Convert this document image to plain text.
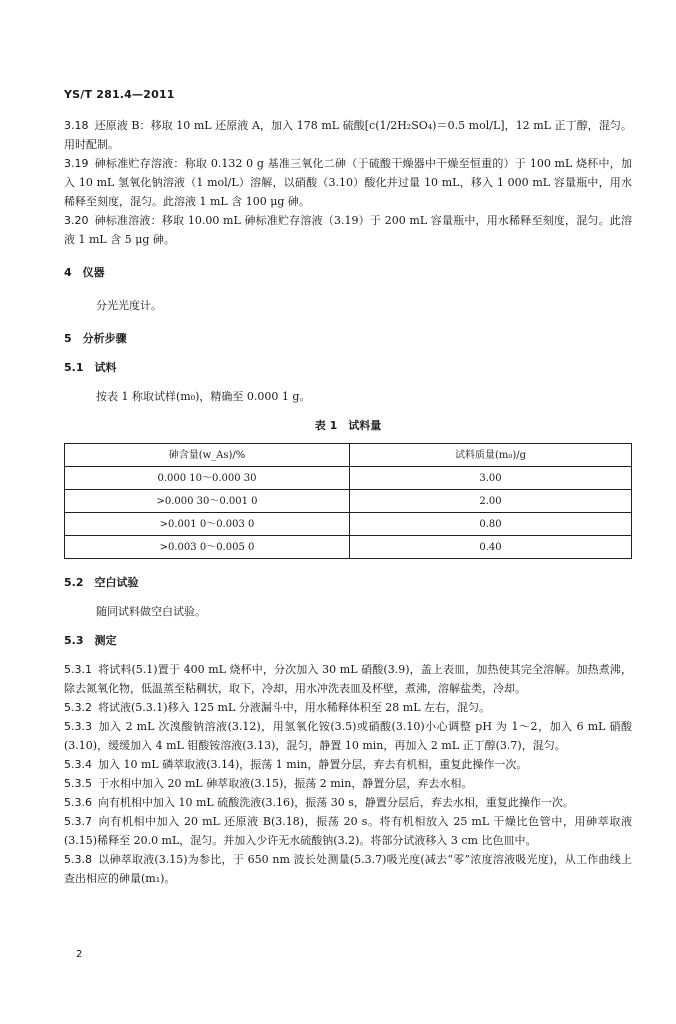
YS/T 281.4—2011

3.18 还原液 B：移取 10 mL 还原液 A，加入 178 mL 硫酸[c(1/2H₂SO₄)＝0.5 mol/L]，12 mL 正丁醇，混匀。用时配制。

3.19 砷标准贮存溶液：称取 0.132 0 g 基准三氧化二砷（于硫酸干燥器中干燥至恒重的）于 100 mL 烧杯中，加入 10 mL 氢氧化钠溶液（1 mol/L）溶解，以硝酸（3.10）酸化并过量 10 mL，移入 1 000 mL 容量瓶中，用水稀释至刻度，混匀。此溶液 1 mL 含 100 μg 砷。

3.20 砷标准溶液：移取 10.00 mL 砷标准贮存溶液（3.19）于 200 mL 容量瓶中，用水稀释至刻度，混匀。此溶液 1 mL 含 5 μg 砷。

4　仪器

分光光度计。

5　分析步骤

5.1　试料

按表 1 称取试样(m₀)，精确至 0.000 1 g。

表 1　试料量
砷含量(w_As)/%	试料质量(m₀)/g
0.000 10～0.000 30	3.00
>0.000 30～0.001 0	2.00
>0.001 0～0.003 0	0.80
>0.003 0～0.005 0	0.40

5.2　空白试验

随同试料做空白试验。

5.3　测定

5.3.1 将试料(5.1)置于 400 mL 烧杯中，分次加入 30 mL 硝酸(3.9)，盖上表皿，加热使其完全溶解。加热煮沸，除去氮氧化物，低温蒸至粘稠状，取下，冷却，用水冲洗表皿及杯壁，煮沸，溶解盐类，冷却。

5.3.2 将试液(5.3.1)移入 125 mL 分液漏斗中，用水稀释体积至 28 mL 左右，混匀。

5.3.3 加入 2 mL 次溴酸钠溶液(3.12)，用氢氧化铵(3.5)或硝酸(3.10)小心调整 pH 为 1～2，加入 6 mL 硝酸(3.10)，缓缓加入 4 mL 钼酸铵溶液(3.13)，混匀，静置 10 min，再加入 2 mL 正丁醇(3.7)，混匀。

5.3.4 加入 10 mL 磷萃取液(3.14)，振荡 1 min，静置分层，弃去有机相，重复此操作一次。

5.3.5 于水相中加入 20 mL 砷萃取液(3.15)，振荡 2 min，静置分层，弃去水相。

5.3.6 向有机相中加入 10 mL 硫酸洗液(3.16)，振荡 30 s，静置分层后，弃去水相，重复此操作一次。

5.3.7 向有机相中加入 20 mL 还原液 B(3.18)，振荡 20 s。将有机相放入 25 mL 干燥比色管中，用砷萃取液(3.15)稀释至 20.0 mL，混匀。并加入少许无水硫酸钠(3.2)。将部分试液移入 3 cm 比色皿中。

5.3.8 以砷萃取液(3.15)为参比，于 650 nm 波长处测量(5.3.7)吸光度(减去“零”浓度溶液吸光度)，从工作曲线上查出相应的砷量(m₁)。

2
